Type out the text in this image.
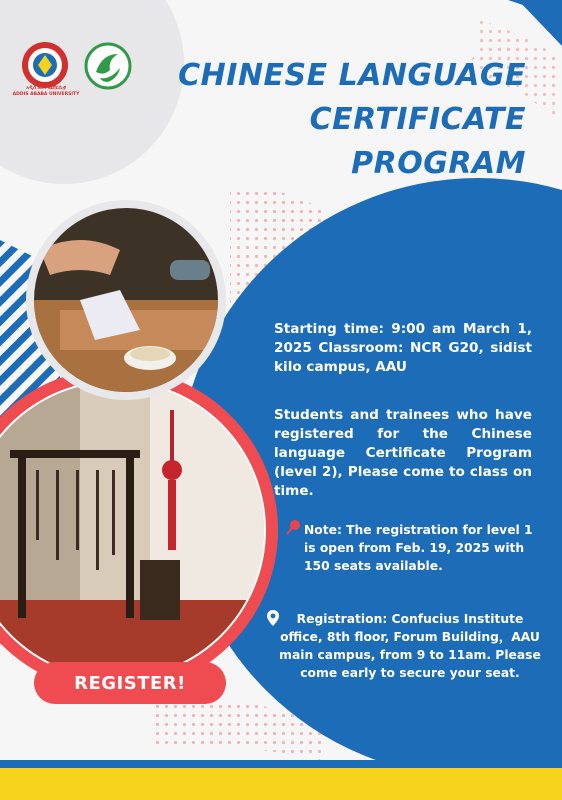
አዲስ አበባ ዩኒቨርሲቲ
ADDIS ABABA UNIVERSITY
CHINESE LANGUAGE
CERTIFICATE
PROGRAM
(LEVEL-2)
Starting time: 9:00 am March 1, 2025 Classroom: NCR G20, sidist kilo campus, AAU
Students and trainees who have registered for the Chinese language Certificate Program (level 2), Please come to class on time.
Note: The registration for level 1 is open from Feb. 19, 2025 with 150 seats available.
Registration: Confucius Institute office, 8th floor, Forum Building，AAU main campus, from 9 to 11am. Please come early to secure your seat.
REGISTER!
